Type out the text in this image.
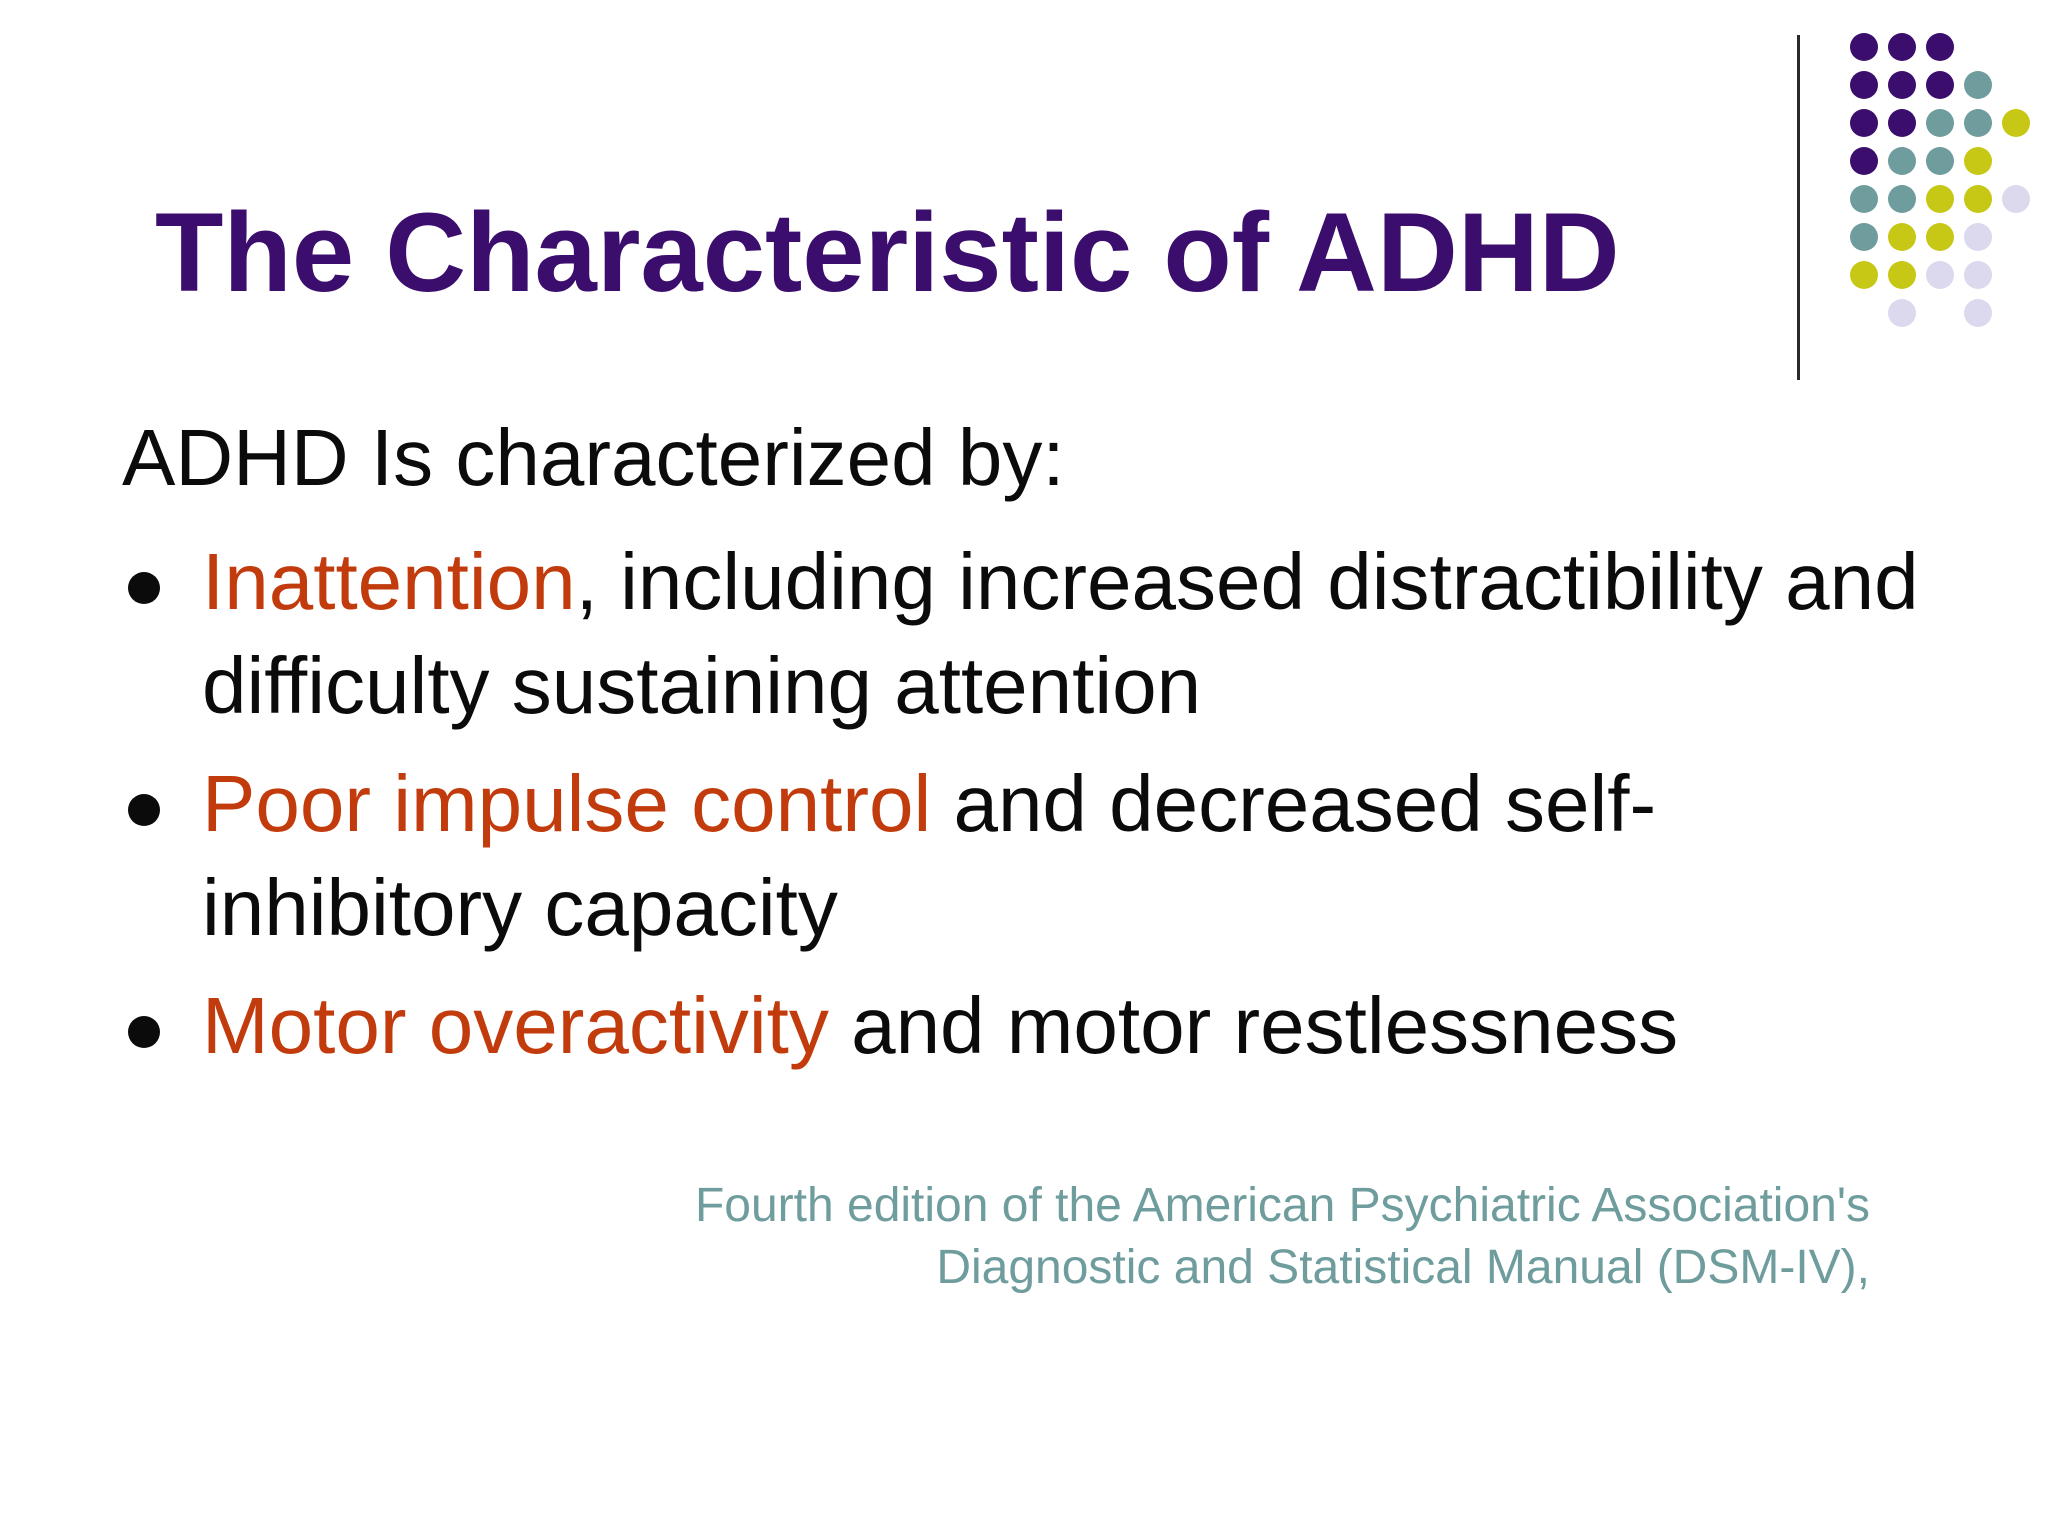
The Characteristic of ADHD
ADHD Is characterized by:
Inattention, including increased distractibility and difficulty sustaining attention
Poor impulse control and decreased self-inhibitory capacity
Motor overactivity and motor restlessness
Fourth edition of the American Psychiatric Association's
Diagnostic and Statistical Manual (DSM-IV),
